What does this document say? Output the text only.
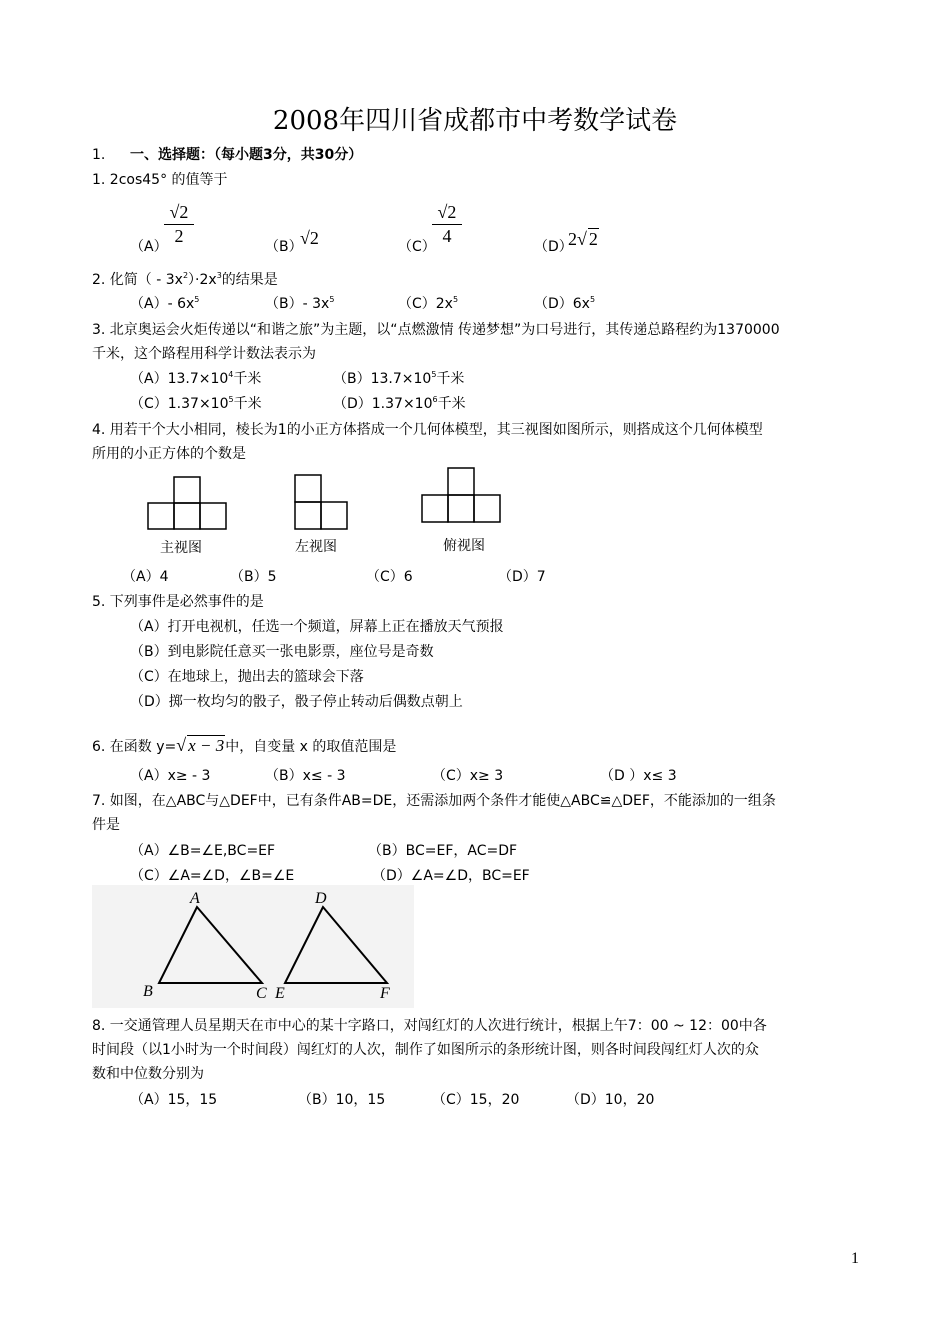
2008年四川省成都市中考数学试卷
1. 一、选择题：（每小题3分，共30分）
1. 2cos45° 的值等于
（A）
√2
2
（B）
√2	（C）
√2
4
（D）
2√ 2
2. 化简（ - $3x^2)\cdot 2x^3$的结果是
（A）- $6x^5$	（B）- $3x^5$	$(C)2x^5$	$(D)6x^5$
3. 北京奥运会火炬传递以“和谐之旅”为主题，以“点燃激情 传递梦想”为口号进行，其传递总路程约为1370000
千米，这个路程用科学计数法表示为
$(A)13.7\times 10^4$千米	$(B)13.7\times 10^5$千米
$(C)1.37\times 10^5$千米	$(D)1.37\times 10^6$千米
4. 用若干个大小相同，棱长为1的小正方体搭成一个几何体模型，其三视图如图所示，则搭成这个几何体模型
所用的小正方体的个数是
主视图	左视图	俯视图
（A）4	（B）5	（C）6	（D）7
5. 下列事件是必然事件的是
（A）打开电视机，任选一个频道，屏幕上正在播放天气预报
（B）到电影院任意买一张电影票，座位号是奇数
（C）在地球上，抛出去的篮球会下落
（D）掷一枚均匀的骰子，骰子停止转动后偶数点朝上
6. 在函数 y=√ x − 3中，自变量 x 的取值范围是
（A）x≥ - 3	（B）x≤ - 3	（C）x≥ 3	（D ）x≤ 3
7. 如图，在△ABC与△DEF中，已有条件AB=DE，还需添加两个条件才能使△ABC≌△DEF，不能添加的一组条
件是
（A）∠B=∠E,BC=EF	（B）BC=EF，AC=DF
（C）∠A=∠D，∠B=∠E	（D）∠A=∠D，BC=EF
A
B	C
D
E	F
8. 一交通管理人员星期天在市中心的某十字路口，对闯红灯的人次进行统计，根据上午7：00 ~ 12：00中各
时间段（以1小时为一个时间段）闯红灯的人次，制作了如图所示的条形统计图，则各时间段闯红灯人次的众
数和中位数分别为
（A）15，15	（B）10，15	（C）15，20	（D）10，20
1
